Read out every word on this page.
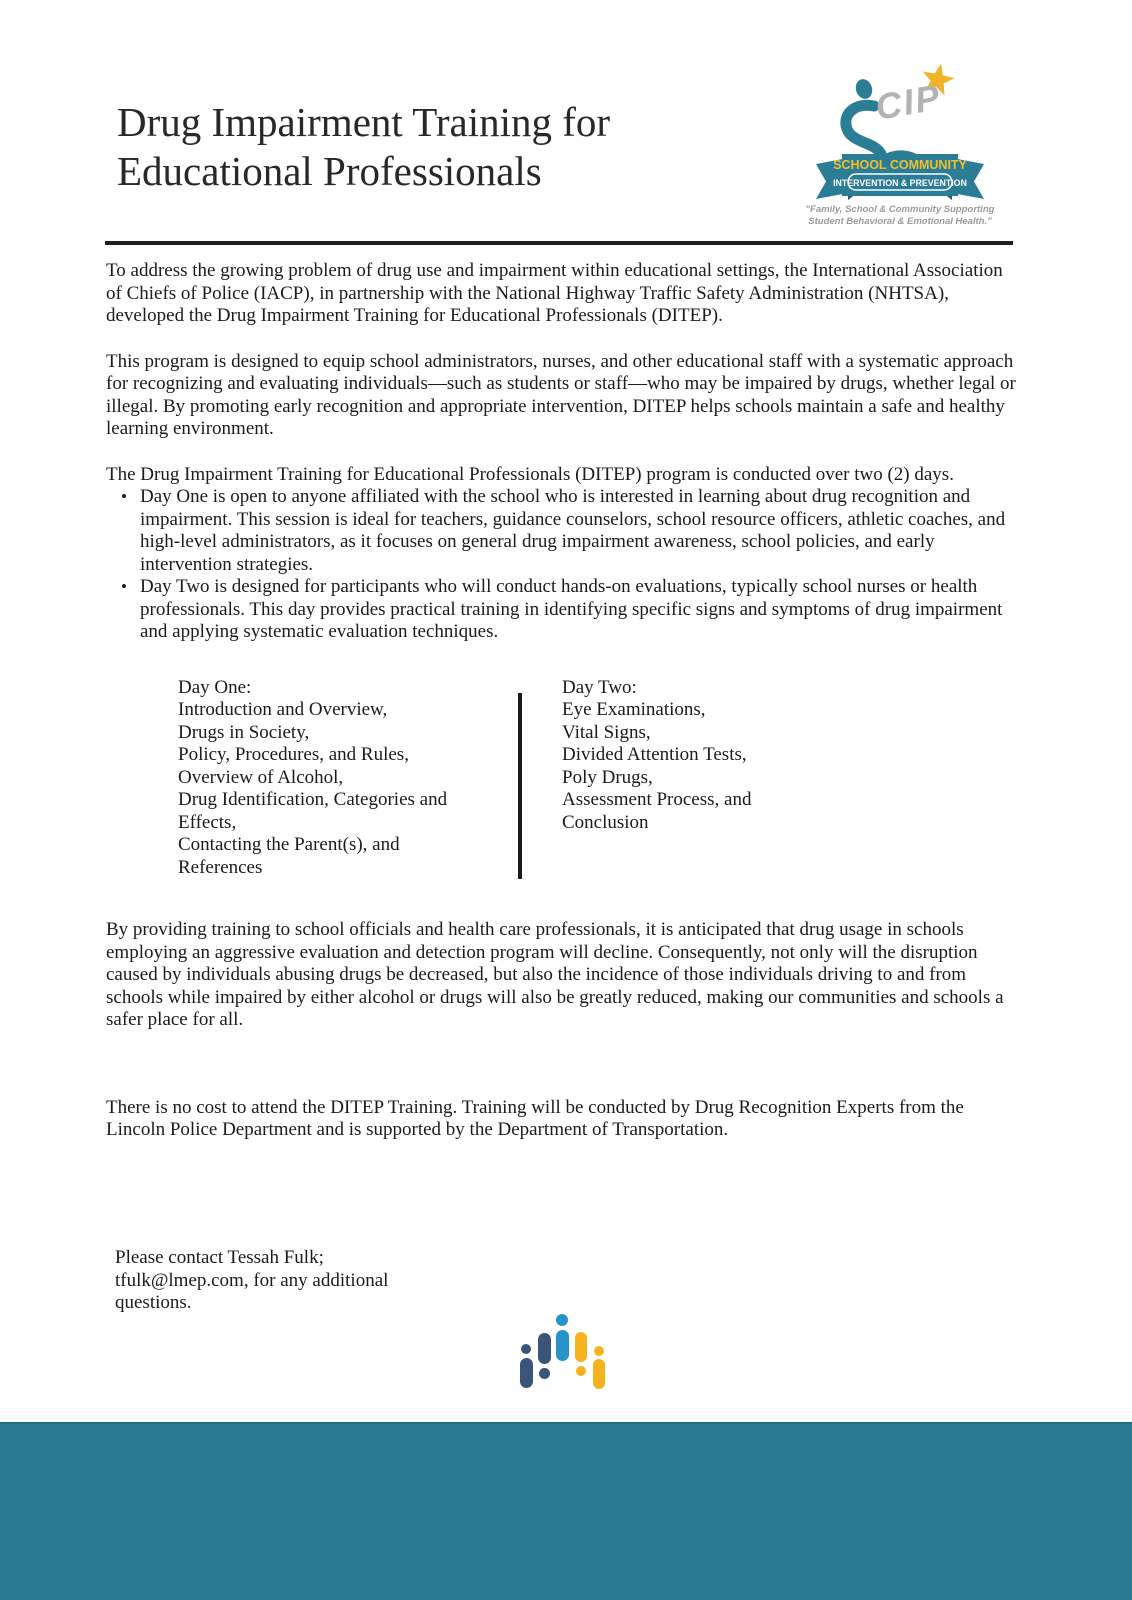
Drug Impairment Training for Educational Professionals
CIP
SCHOOL COMMUNITY
INTERVENTION & PREVENTION
"Family, School & Community Supporting
Student Behavioral & Emotional Health."

To address the growing problem of drug use and impairment within educational settings, the International Association of Chiefs of Police (IACP), in partnership with the National Highway Traffic Safety Administration (NHTSA), developed the Drug Impairment Training for Educational Professionals (DITEP).

This program is designed to equip school administrators, nurses, and other educational staff with a systematic approach for recognizing and evaluating individuals—such as students or staff—who may be impaired by drugs, whether legal or illegal. By promoting early recognition and appropriate intervention, DITEP helps schools maintain a safe and healthy learning environment.

The Drug Impairment Training for Educational Professionals (DITEP) program is conducted over two (2) days.

• Day One is open to anyone affiliated with the school who is interested in learning about drug recognition and impairment. This session is ideal for teachers, guidance counselors, school resource officers, athletic coaches, and high-level administrators, as it focuses on general drug impairment awareness, school policies, and early intervention strategies.
• Day Two is designed for participants who will conduct hands-on evaluations, typically school nurses or health professionals. This day provides practical training in identifying specific signs and symptoms of drug impairment and applying systematic evaluation techniques.
Day One:
Introduction and Overview,
Drugs in Society,
Policy, Procedures, and Rules,
Overview of Alcohol,
Drug Identification, Categories and Effects,
Contacting the Parent(s), and
References
Day Two:
Eye Examinations,
Vital Signs,
Divided Attention Tests,
Poly Drugs,
Assessment Process, and
Conclusion

By providing training to school officials and health care professionals, it is anticipated that drug usage in schools employing an aggressive evaluation and detection program will decline. Consequently, not only will the disruption caused by individuals abusing drugs be decreased, but also the incidence of those individuals driving to and from schools while impaired by either alcohol or drugs will also be greatly reduced, making our communities and schools a safer place for all.

There is no cost to attend the DITEP Training. Training will be conducted by Drug Recognition Experts from the Lincoln Police Department and is supported by the Department of Transportation.

Please contact Tessah Fulk; tfulk@lmep.com, for any additional questions.
